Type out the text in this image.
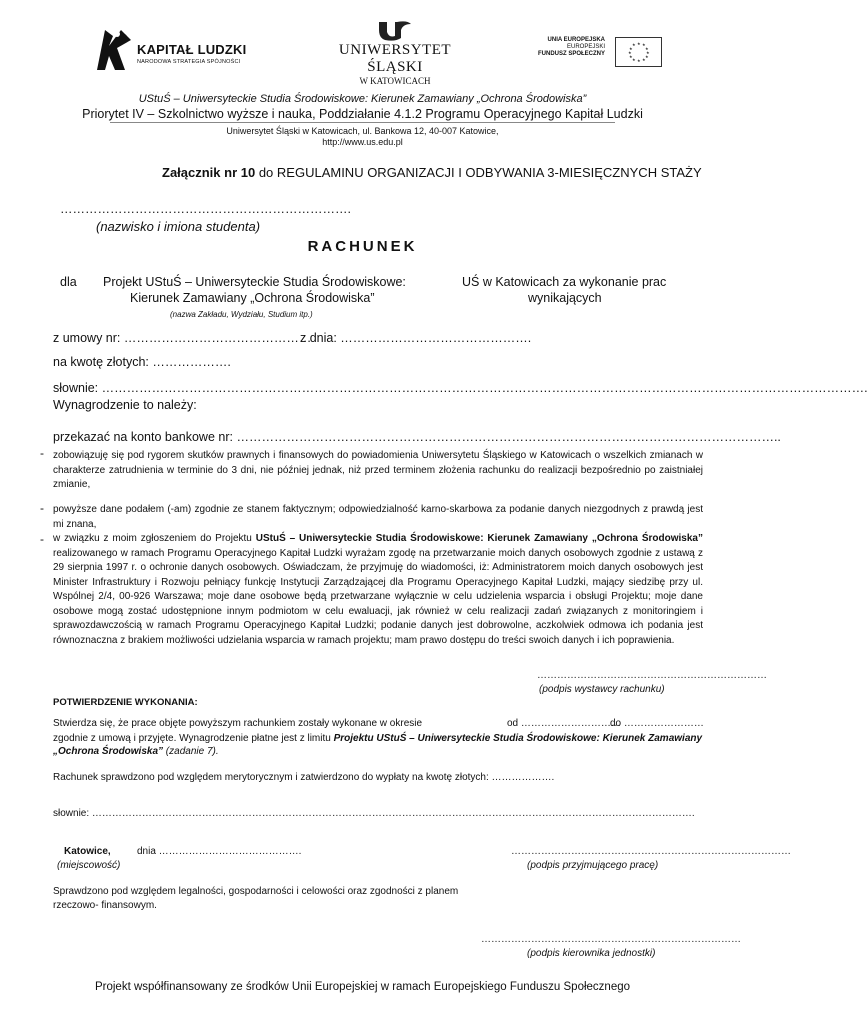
KAPITAŁ LUDZKI
NARODOWA STRATEGIA SPÓJNOŚCI
UNIWERSYTET ŚLĄSKI
W KATOWICACH
UNIA EUROPEJSKA
EUROPEJSKI
FUNDUSZ SPOŁECZNY
★ ★
★
★
★
★
★
★
★
★
★
★
UStuŚ – Uniwersyteckie Studia Środowiskowe: Kierunek Zamawiany „Ochrona Środowiska”
Priorytet IV – Szkolnictwo wyższe i nauka, Poddziałanie 4.1.2 Programu Operacyjnego Kapitał Ludzki
Uniwersytet Śląski w Katowicach, ul. Bankowa 12, 40-007 Katowice,
http://www.us.edu.pl
Załącznik nr 10 do REGULAMINU ORGANIZACJI I ODBYWANIA 3-MIESIĘCZNYCH STAŻY
…………………………………………………………….
(nazwisko i imiona studenta)
RACHUNEK
dla Projekt UStuŚ – Uniwersyteckie Studia Środowiskowe:
Kierunek Zamawiany „Ochrona Środowiska”
UŚ w Katowicach za wykonanie prac
wynikających
(nazwa Zakładu, Wydziału, Studium itp.)
z umowy nr: ………………………………………
z dnia: ……………………………………….
na kwotę złotych: ……………….
słownie: ………………………………………………………………………………………………………………………………………………………………….
Wynagrodzenie to należy:
przekazać na konto bankowe nr: …………………………………………………………………………………………………………………..
- zobowiązuję się pod rygorem skutków prawnych i finansowych do powiadomienia Uniwersytetu Śląskiego w Katowicach o wszelkich zmianach w charakterze zatrudnienia w terminie do 3 dni, nie później jednak, niż przed terminem złożenia rachunku do realizacji bezpośrednio po zaistniałej zmianie,
- powyższe dane podałem (-am) zgodnie ze stanem faktycznym; odpowiedzialność karno-skarbowa za podanie danych niezgodnych z prawdą jest mi znana,
- w związku z moim zgłoszeniem do Projektu UStuŚ – Uniwersyteckie Studia Środowiskowe: Kierunek Zamawiany „Ochrona Środowiska” realizowanego w ramach Programu Operacyjnego Kapitał Ludzki wyrażam zgodę na przetwarzanie moich danych osobowych zgodnie z ustawą z 29 sierpnia 1997 r. o ochronie danych osobowych. Oświadczam, że przyjmuję do wiadomości, iż: Administratorem moich danych osobowych jest Minister Infrastruktury i Rozwoju pełniący funkcję Instytucji Zarządzającej dla Programu Operacyjnego Kapitał Ludzki, mający siedzibę przy ul. Wspólnej 2/4, 00-926 Warszawa; moje dane osobowe będą przetwarzane wyłącznie w celu udzielenia wsparcia i obsługi Projektu; moje dane osobowe mogą zostać udostępnione innym podmiotom w celu ewaluacji, jak również w celu realizacji zadań związanych z monitoringiem i sprawozdawczością w ramach Programu Operacyjnego Kapitał Ludzki; podanie danych jest dobrowolne, aczkolwiek odmowa ich podania jest równoznaczna z brakiem możliwości udzielania wsparcia w ramach projektu; mam prawo dostępu do treści swoich danych i ich poprawienia.
……………………………………………………………
(podpis wystawcy rachunku)
POTWIERDZENIE WYKONANIA:
Stwierdza się, że prace objęte powyższym rachunkiem zostały wykonane w okresie	od …………………………
do ……………………
zgodnie z umową i przyjęte. Wynagrodzenie płatne jest z limitu Projektu UStuŚ – Uniwersyteckie Studia Środowiskowe: Kierunek Zamawiany „Ochrona Środowiska” (zadanie 7).
Rachunek sprawdzono pod względem merytorycznym i zatwierdzono do wypłaty na kwotę złotych: ……………….
słownie: ……………………………………………………………………………………………………………………………………………………………….
Katowice,	dnia …………………………………….
(miejscowość)
…………………………………………………………………………
(podpis przyjmującego pracę)
Sprawdzono pod względem legalności, gospodarności i celowości oraz zgodności z planem
rzeczowo- finansowym.
……………………………………………………………………
(podpis kierownika jednostki)
Projekt współfinansowany ze środków Unii Europejskiej w ramach Europejskiego Funduszu Społecznego
